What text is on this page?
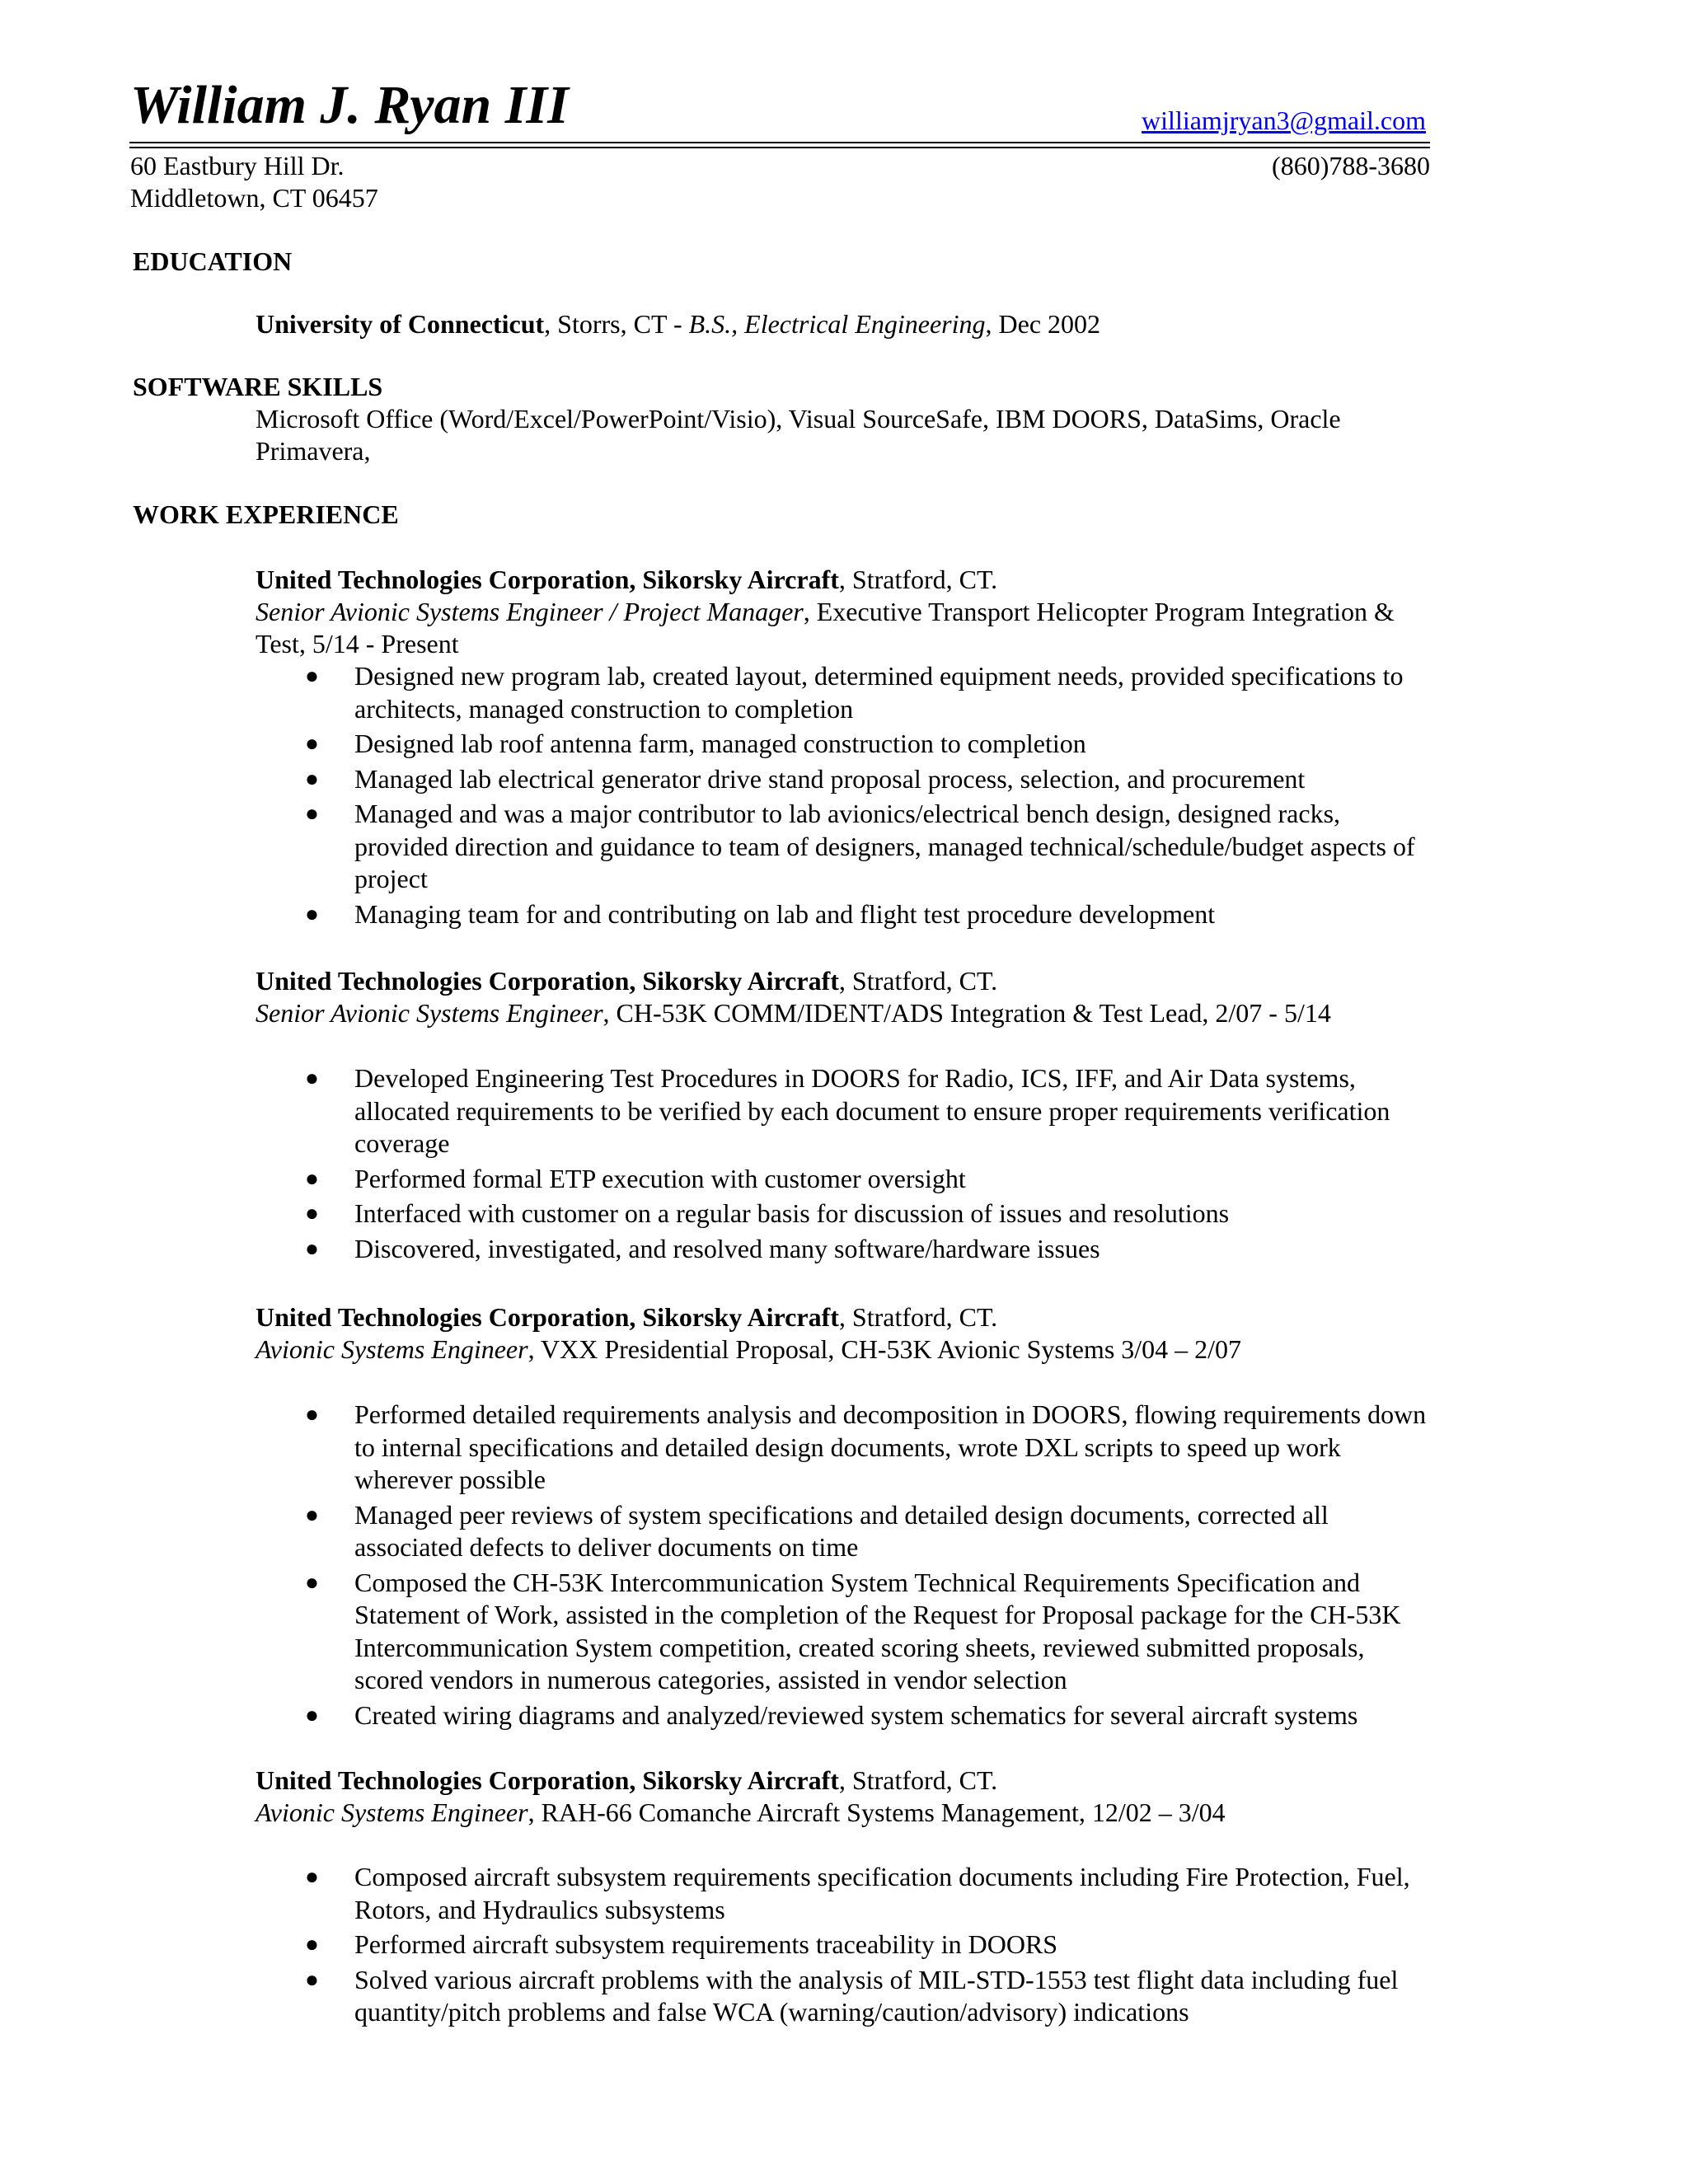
William J. Ryan III	williamjryan3@gmail.com
60 Eastbury Hill Dr.	(860)788-3680
Middletown, CT 06457
EDUCATION
University of Connecticut, Storrs, CT - B.S., Electrical Engineering, Dec 2002
SOFTWARE SKILLS
Microsoft Office (Word/Excel/PowerPoint/Visio), Visual SourceSafe, IBM DOORS, DataSims, Oracle Primavera,
WORK EXPERIENCE
United Technologies Corporation, Sikorsky Aircraft, Stratford, CT.
Senior Avionic Systems Engineer / Project Manager, Executive Transport Helicopter Program Integration & Test, 5/14 - Present
● Designed new program lab, created layout, determined equipment needs, provided specifications to architects, managed construction to completion
● Designed lab roof antenna farm, managed construction to completion
● Managed lab electrical generator drive stand proposal process, selection, and procurement
● Managed and was a major contributor to lab avionics/electrical bench design, designed racks, provided direction and guidance to team of designers, managed technical/schedule/budget aspects of project
● Managing team for and contributing on lab and flight test procedure development
United Technologies Corporation, Sikorsky Aircraft, Stratford, CT.
Senior Avionic Systems Engineer, CH-53K COMM/IDENT/ADS Integration & Test Lead, 2/07 - 5/14
● Developed Engineering Test Procedures in DOORS for Radio, ICS, IFF, and Air Data systems, allocated requirements to be verified by each document to ensure proper requirements verification coverage
● Performed formal ETP execution with customer oversight
● Interfaced with customer on a regular basis for discussion of issues and resolutions
● Discovered, investigated, and resolved many software/hardware issues
United Technologies Corporation, Sikorsky Aircraft, Stratford, CT.
Avionic Systems Engineer, VXX Presidential Proposal, CH-53K Avionic Systems 3/04 – 2/07
● Performed detailed requirements analysis and decomposition in DOORS, flowing requirements down to internal specifications and detailed design documents, wrote DXL scripts to speed up work wherever possible
● Managed peer reviews of system specifications and detailed design documents, corrected all associated defects to deliver documents on time
● Composed the CH-53K Intercommunication System Technical Requirements Specification and Statement of Work, assisted in the completion of the Request for Proposal package for the CH-53K Intercommunication System competition, created scoring sheets, reviewed submitted proposals, scored vendors in numerous categories, assisted in vendor selection
● Created wiring diagrams and analyzed/reviewed system schematics for several aircraft systems
United Technologies Corporation, Sikorsky Aircraft, Stratford, CT.
Avionic Systems Engineer, RAH-66 Comanche Aircraft Systems Management, 12/02 – 3/04
● Composed aircraft subsystem requirements specification documents including Fire Protection, Fuel, Rotors, and Hydraulics subsystems
● Performed aircraft subsystem requirements traceability in DOORS
● Solved various aircraft problems with the analysis of MIL-STD-1553 test flight data including fuel quantity/pitch problems and false WCA (warning/caution/advisory) indications
